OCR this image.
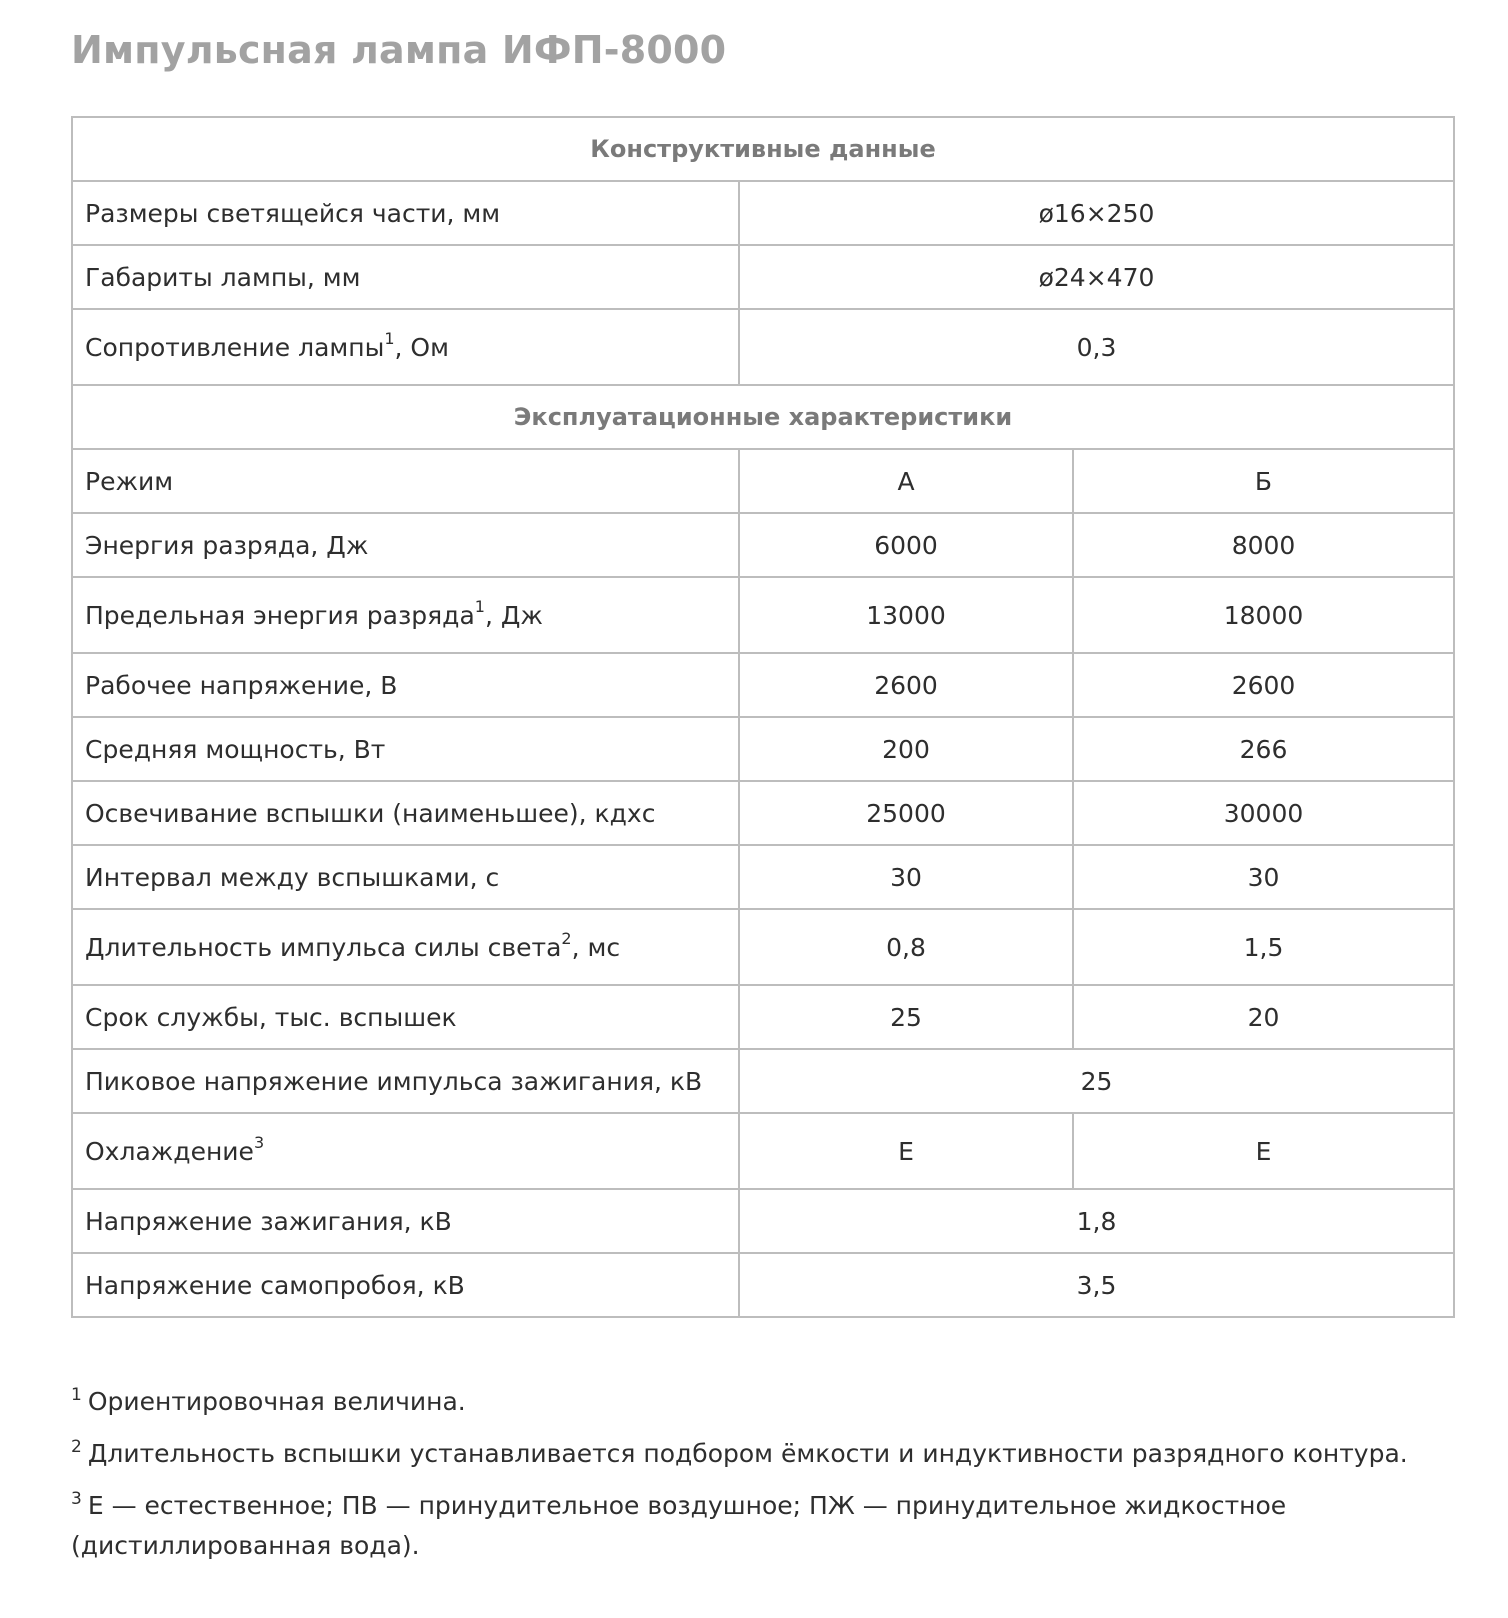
Импульсная лампа ИФП-8000
Конструктивные данные		
Размеры светящейся части, мм	ø16×250	
Габариты лампы, мм	ø24×470	
Сопротивление лампы$^1$, Ом	0,3	
Эксплуатационные характеристики		
Режим	А	Б
Энергия разряда, Дж	6000	8000
Предельная энергия разряда$^1$, Дж	13000	18000
Рабочее напряжение, В	2600	2600
Средняя мощность, Вт	200	266
Освечивание вспышки (наименьшее), кдхс	25000	30000
Интервал между вспышками, с	30	30
Длительность импульса силы света$^2$, мс	0,8	1,5
Срок службы, тыс. вспышек	25	20
Пиковое напряжение импульса зажигания, кВ	25	
Охлаждение$^3$	Е	Е
Напряжение зажигания, кВ	1,8	
Напряжение самопробоя, кВ	3,5	

$^1$ Ориентировочная величина.

$^2$ Длительность вспышки устанавливается подбором ёмкости и индуктивности разрядного контура.

$^3$ Е — естественное; ПВ — принудительное воздушное; ПЖ — принудительное жидкостное (дистиллированная вода).
